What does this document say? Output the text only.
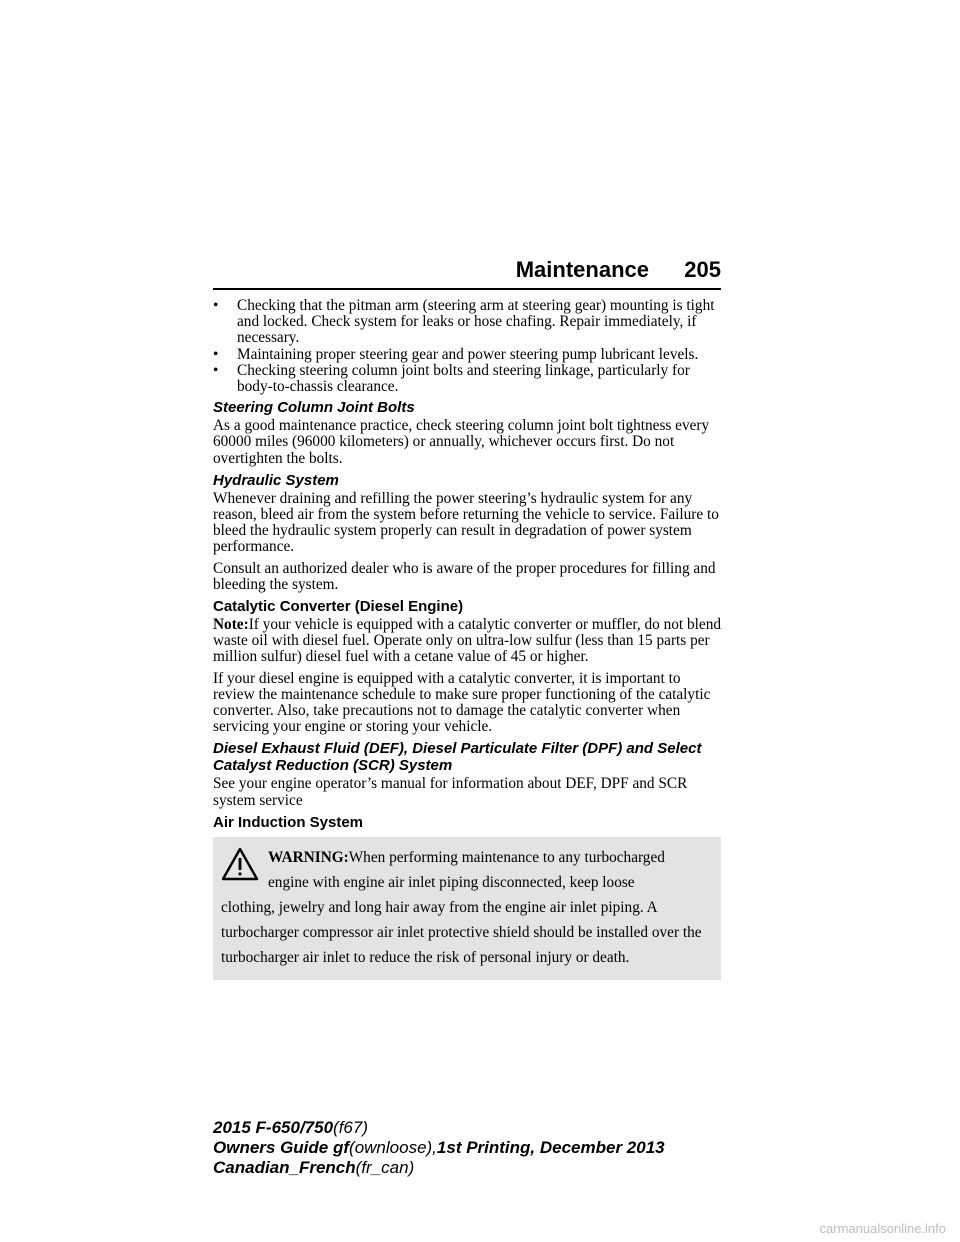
Maintenance 205
• Checking that the pitman arm (steering arm at steering gear) mounting is tight and locked. Check system for leaks or hose chafing. Repair immediately, if necessary.
• Maintaining proper steering gear and power steering pump lubricant levels.
• Checking steering column joint bolts and steering linkage, particularly for body-to-chassis clearance.
Steering Column Joint Bolts

As a good maintenance practice, check steering column joint bolt tightness every 60000 miles (96000 kilometers) or annually, whichever occurs first. Do not overtighten the bolts.

Hydraulic System

Whenever draining and refilling the power steering’s hydraulic system for any reason, bleed air from the system before returning the vehicle to service. Failure to bleed the hydraulic system properly can result in degradation of power system performance.

Consult an authorized dealer who is aware of the proper procedures for filling and bleeding the system.

Catalytic Converter (Diesel Engine)

Note:If your vehicle is equipped with a catalytic converter or muffler, do not blend waste oil with diesel fuel. Operate only on ultra-low sulfur (less than 15 parts per million sulfur) diesel fuel with a cetane value of 45 or higher.

If your diesel engine is equipped with a catalytic converter, it is important to review the maintenance schedule to make sure proper functioning of the catalytic converter. Also, take precautions not to damage the catalytic converter when servicing your engine or storing your vehicle.

Diesel Exhaust Fluid (DEF), Diesel Particulate Filter (DPF) and Select Catalyst Reduction (SCR) System

See your engine operator’s manual for information about DEF, DPF and SCR system service

Air Induction System
WARNING:When performing maintenance to any turbocharged
engine with engine air inlet piping disconnected, keep loose
clothing, jewelry and long hair away from the engine air inlet piping. A turbocharger compressor air inlet protective shield should be installed over the turbocharger air inlet to reduce the risk of personal injury or death.
2015 F-650/750(f67)
Owners Guide gf(ownloose),1st Printing, December 2013
Canadian_French(fr_can)
carmanualsonline.info
